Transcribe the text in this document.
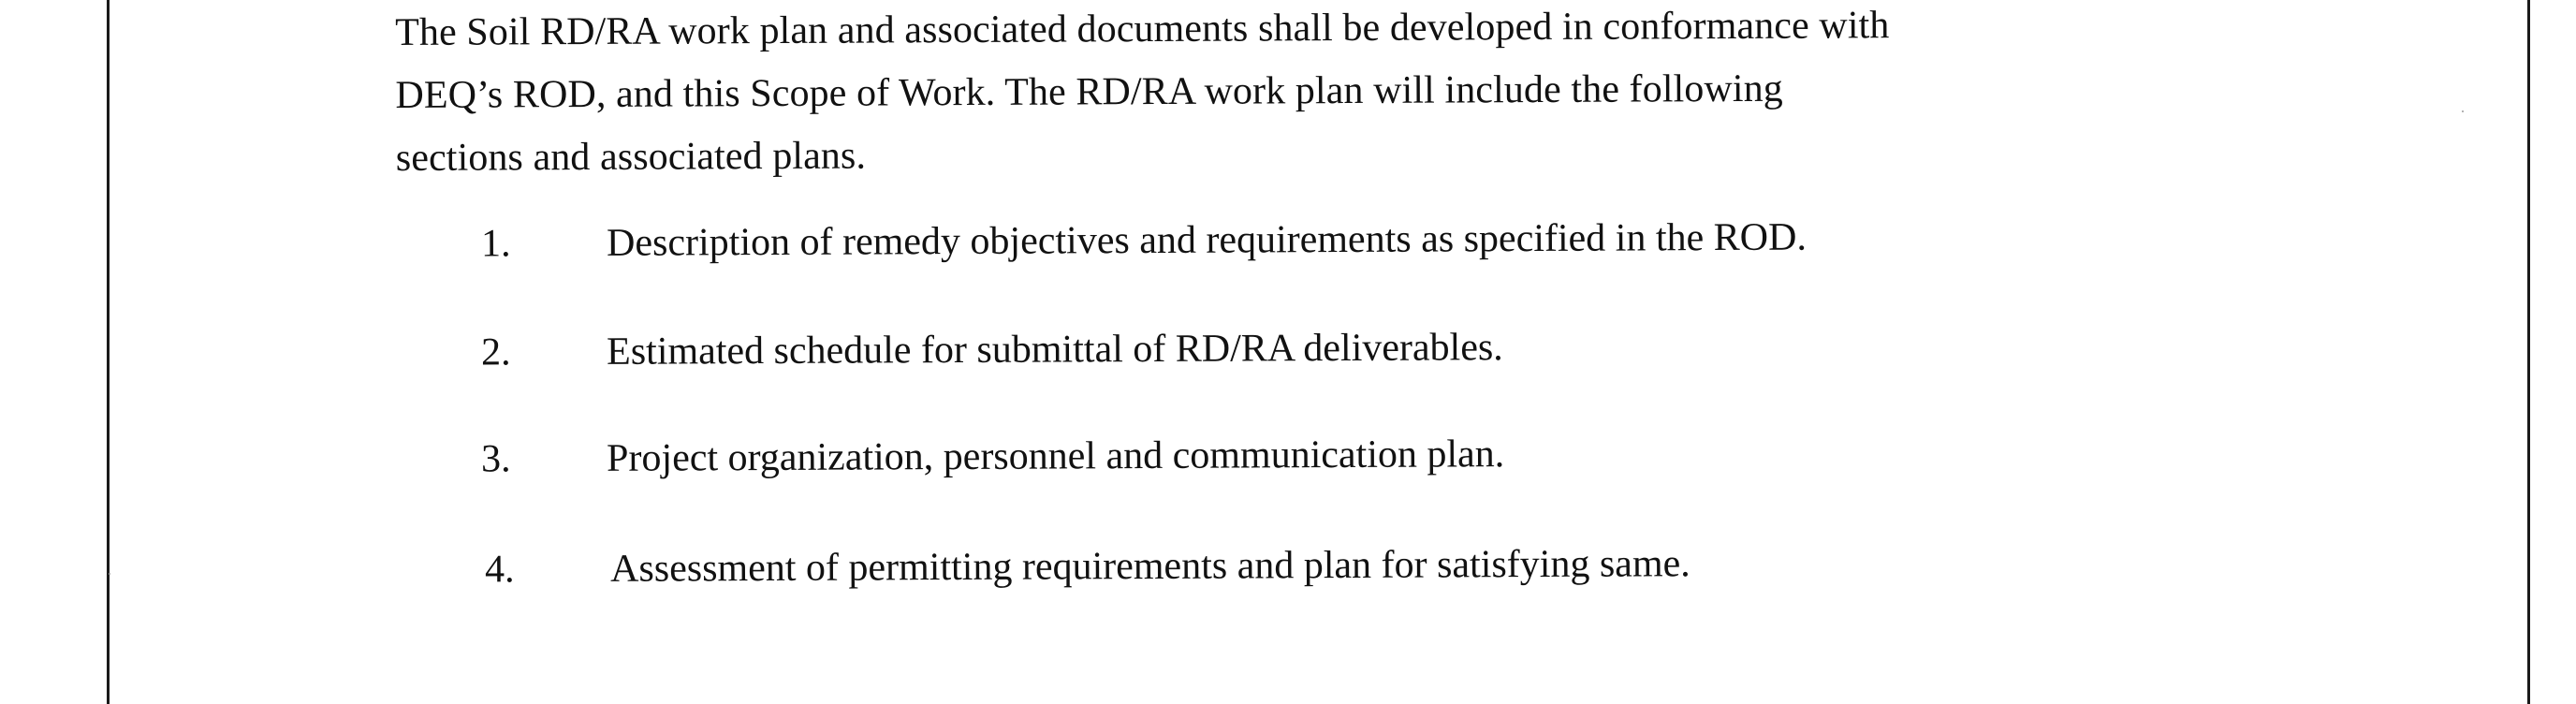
The Soil RD/RA work plan and associated documents shall be developed in conformance with
DEQ’s ROD, and this Scope of Work. The RD/RA work plan will include the following
sections and associated plans.

1. Description of remedy objectives and requirements as specified in the ROD.
2. Estimated schedule for submittal of RD/RA deliverables.
3. Project organization, personnel and communication plan.
4. Assessment of permitting requirements and plan for satisfying same.
